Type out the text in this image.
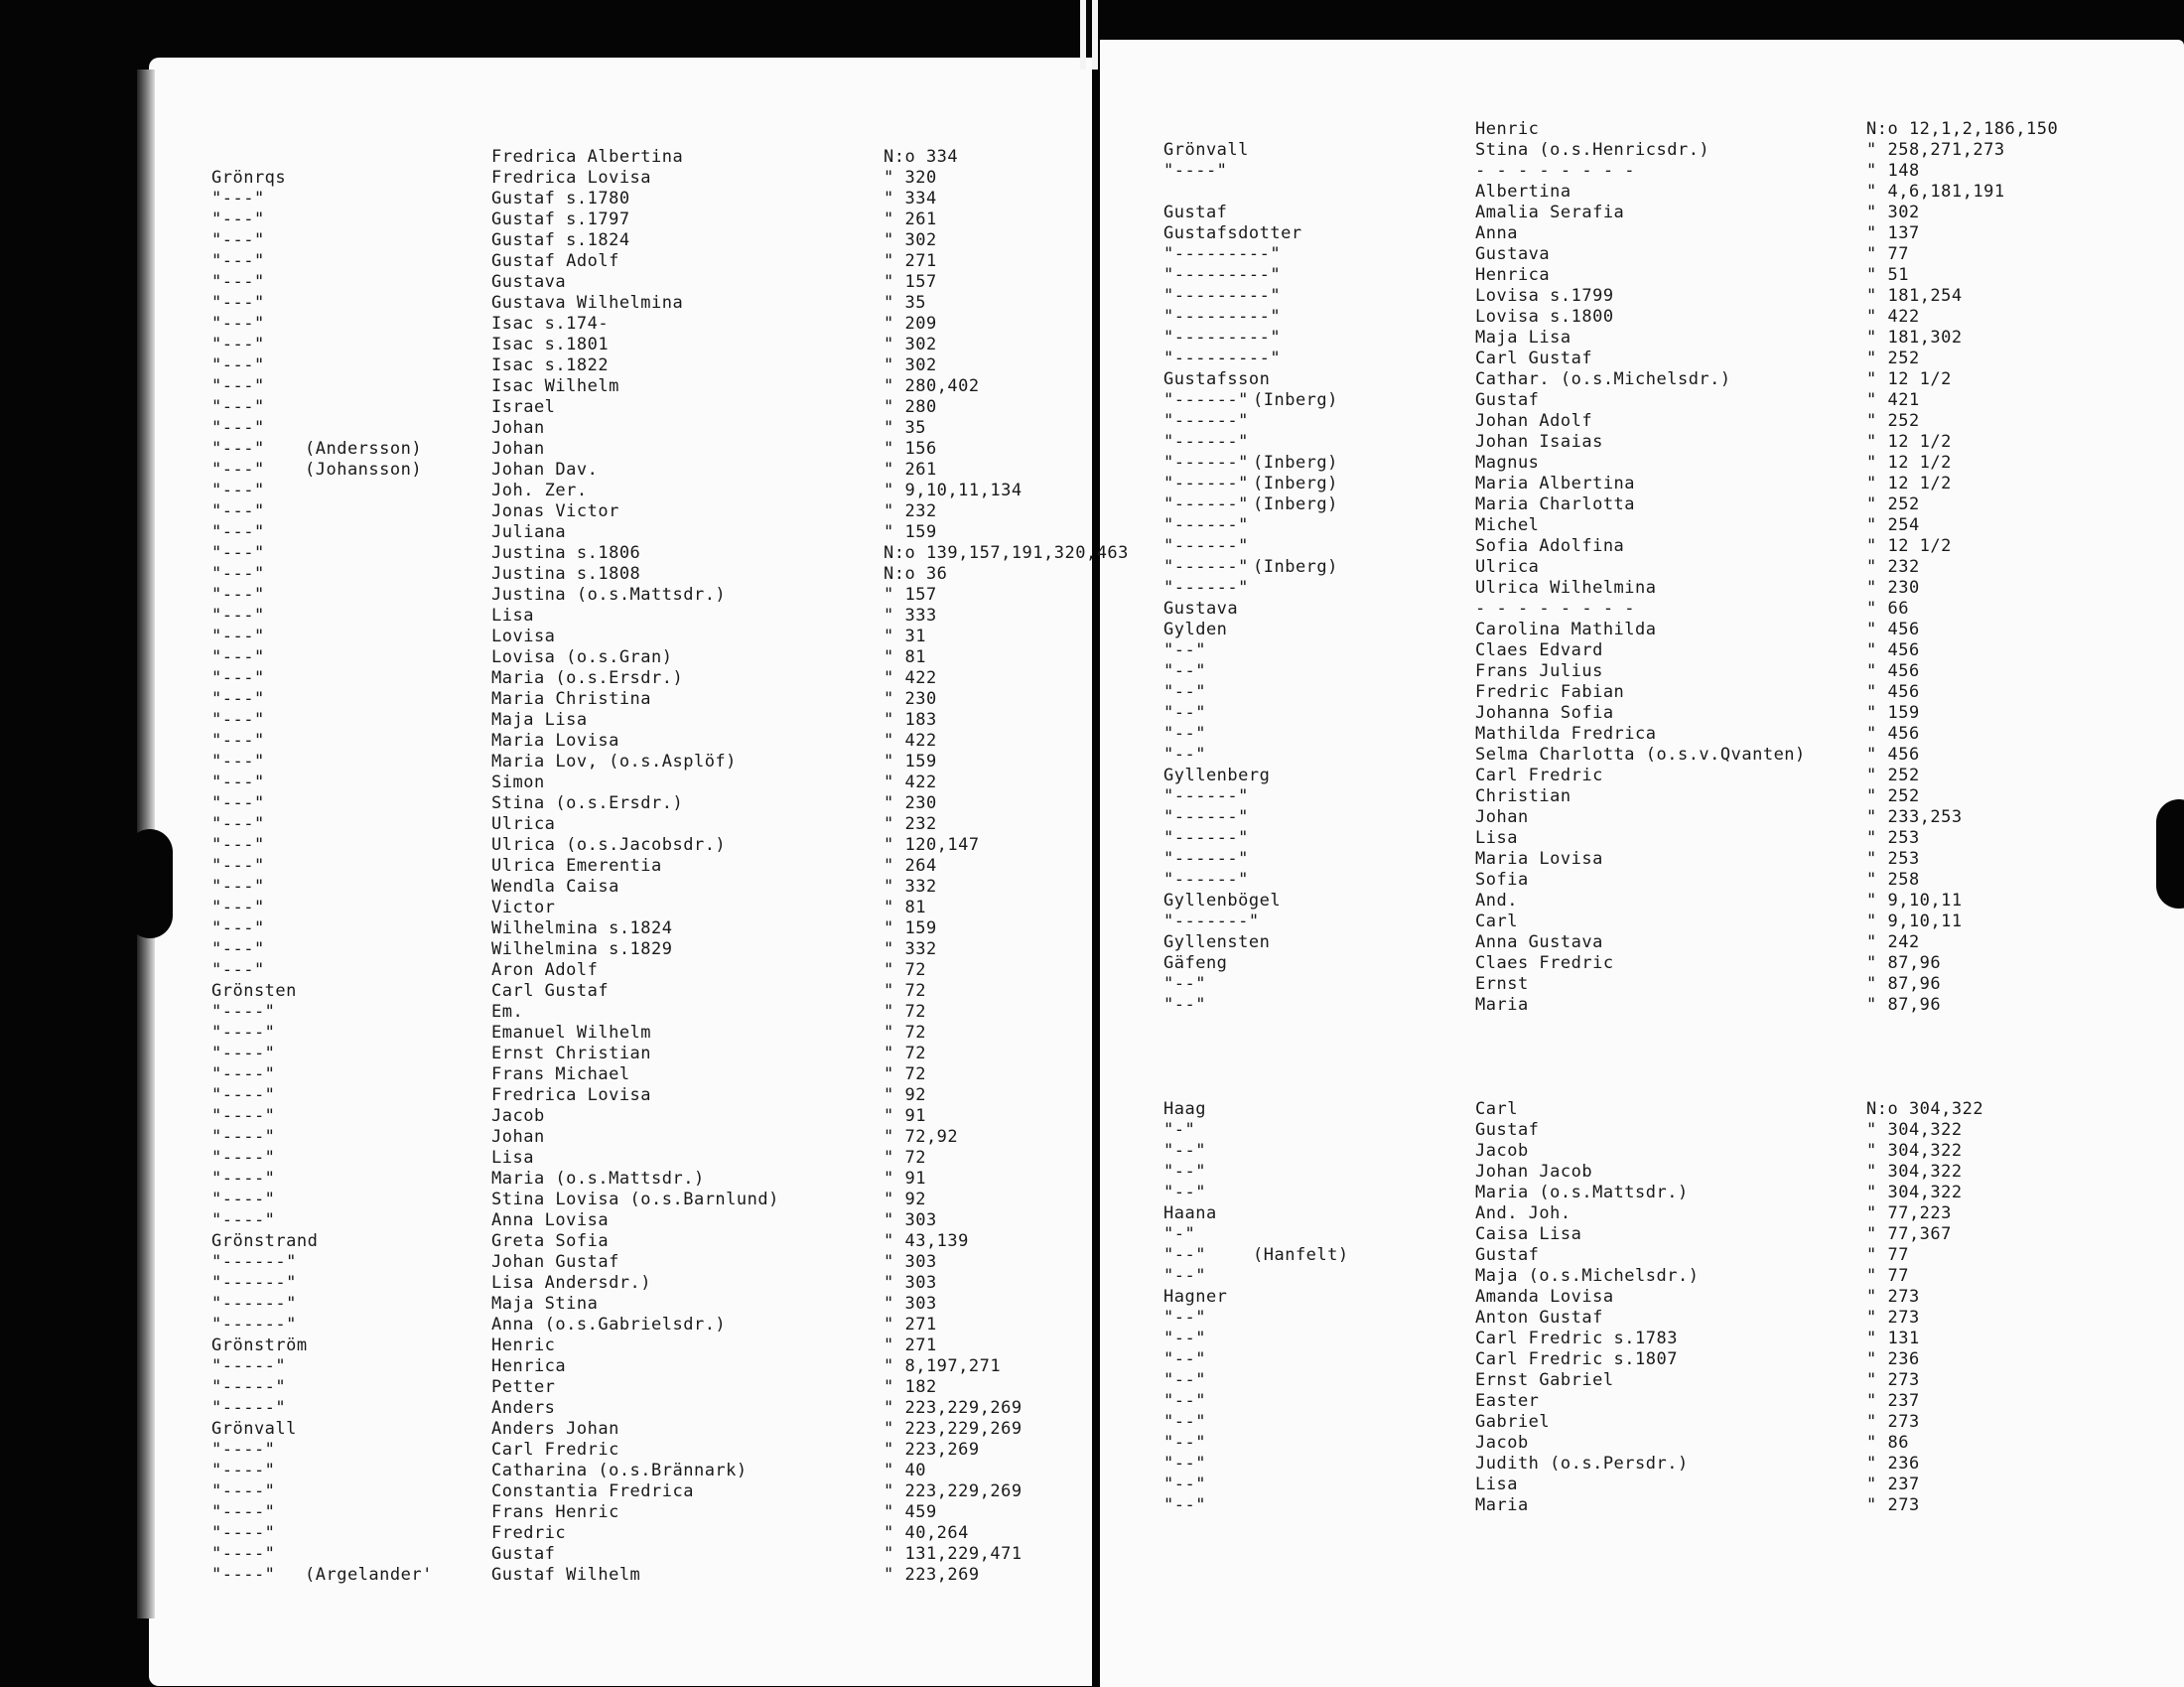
Grönrqs
"---"
"---"
"---"
"---"
"---"
"---"
"---"
"---"
"---"
"---"
"---"
"---"
"---"
"---"
"---"
"---"
"---"
"---"
"---"
"---"
"---"
"---"
"---"
"---"
"---"
"---"
"---"
"---"
"---"
"---"
"---"
"---"
"---"
"---"
"---"
"---"
"---"
"---"
Grönsten
"----"
"----"
"----"
"----"
"----"
"----"
"----"
"----"
"----"
"----"
"----"
Grönstrand
"------"
"------"
"------"
"------"
Grönström
"-----"
"-----"
"-----"
Grönvall
"----"
"----"
"----"
"----"
"----"
"----"
"----"
(Andersson)
(Johansson)
(Argelander'
Fredrica Albertina
Fredrica Lovisa
Gustaf s.1780
Gustaf s.1797
Gustaf s.1824
Gustaf Adolf
Gustava
Gustava Wilhelmina
Isac s.174-
Isac s.1801
Isac s.1822
Isac Wilhelm
Israel
Johan
Johan
Johan Dav.
Joh. Zer.
Jonas Victor
Juliana
Justina s.1806
Justina s.1808
Justina (o.s.Mattsdr.)
Lisa
Lovisa
Lovisa (o.s.Gran)
Maria (o.s.Ersdr.)
Maria Christina
Maja Lisa
Maria Lovisa
Maria Lov, (o.s.Asplöf)
Simon
Stina (o.s.Ersdr.)
Ulrica
Ulrica (o.s.Jacobsdr.)
Ulrica Emerentia
Wendla Caisa
Victor
Wilhelmina s.1824
Wilhelmina s.1829
Aron Adolf
Carl Gustaf
Em.
Emanuel Wilhelm
Ernst Christian
Frans Michael
Fredrica Lovisa
Jacob
Johan
Lisa
Maria (o.s.Mattsdr.)
Stina Lovisa (o.s.Barnlund)
Anna Lovisa
Greta Sofia
Johan Gustaf
Lisa Andersdr.)
Maja Stina
Anna (o.s.Gabrielsdr.)
Henric
Henrica
Petter
Anders
Anders Johan
Carl Fredric
Catharina (o.s.Brännark)
Constantia Fredrica
Frans Henric
Fredric
Gustaf
Gustaf Wilhelm
N:o 334
" 320
" 334
" 261
" 302
" 271
" 157
" 35
" 209
" 302
" 302
" 280,402
" 280
" 35
" 156
" 261
" 9,10,11,134
" 232
" 159
N:o 139,157,191,320,463
N:o 36
" 157
" 333
" 31
" 81
" 422
" 230
" 183
" 422
" 159
" 422
" 230
" 232
" 120,147
" 264
" 332
" 81
" 159
" 332
" 72
" 72
" 72
" 72
" 72
" 72
" 92
" 91
" 72,92
" 72
" 91
" 92
" 303
" 43,139
" 303
" 303
" 303
" 271
" 271
" 8,197,271
" 182
" 223,229,269
" 223,229,269
" 223,269
" 40
" 223,229,269
" 459
" 40,264
" 131,229,471
" 223,269
Grönvall
"----"
Gustaf
Gustafsdotter
"---------"
"---------"
"---------"
"---------"
"---------"
"---------"
Gustafsson
"------"
"------"
"------"
"------"
"------"
"------"
"------"
"------"
"------"
"------"
Gustava
Gylden
"--"
"--"
"--"
"--"
"--"
"--"
Gyllenberg
"------"
"------"
"------"
"------"
"------"
Gyllenbögel
"-------"
Gyllensten
Gäfeng
"--"
"--"
Haag
"-"
"--"
"--"
"--"
Haana
"-"
"--"
"--"
Hagner
"--"
"--"
"--"
"--"
"--"
"--"
"--"
"--"
"--"
"--"
(Inberg)
(Inberg)
(Inberg)
(Inberg)
(Inberg)
(Hanfelt)
Henric
Stina (o.s.Henricsdr.)
- - - - - - - -
Albertina
Amalia Serafia
Anna
Gustava
Henrica
Lovisa s.1799
Lovisa s.1800
Maja Lisa
Carl Gustaf
Cathar. (o.s.Michelsdr.)
Gustaf
Johan Adolf
Johan Isaias
Magnus
Maria Albertina
Maria Charlotta
Michel
Sofia Adolfina
Ulrica
Ulrica Wilhelmina
- - - - - - - -
Carolina Mathilda
Claes Edvard
Frans Julius
Fredric Fabian
Johanna Sofia
Mathilda Fredrica
Selma Charlotta (o.s.v.Qvanten)
Carl Fredric
Christian
Johan
Lisa
Maria Lovisa
Sofia
And.
Carl
Anna Gustava
Claes Fredric
Ernst
Maria
Carl
Gustaf
Jacob
Johan Jacob
Maria (o.s.Mattsdr.)
And. Joh.
Caisa Lisa
Gustaf
Maja (o.s.Michelsdr.)
Amanda Lovisa
Anton Gustaf
Carl Fredric s.1783
Carl Fredric s.1807
Ernst Gabriel
Easter
Gabriel
Jacob
Judith (o.s.Persdr.)
Lisa
Maria
N:o 12,1,2,186,150
" 258,271,273
" 148
" 4,6,181,191
" 302
" 137
" 77
" 51
" 181,254
" 422
" 181,302
" 252
" 12 1/2
" 421
" 252
" 12 1/2
" 12 1/2
" 12 1/2
" 252
" 254
" 12 1/2
" 232
" 230
" 66
" 456
" 456
" 456
" 456
" 159
" 456
" 456
" 252
" 252
" 233,253
" 253
" 253
" 258
" 9,10,11
" 9,10,11
" 242
" 87,96
" 87,96
" 87,96
N:o 304,322
" 304,322
" 304,322
" 304,322
" 304,322
" 77,223
" 77,367
" 77
" 77
" 273
" 273
" 131
" 236
" 273
" 237
" 273
" 86
" 236
" 237
" 273
